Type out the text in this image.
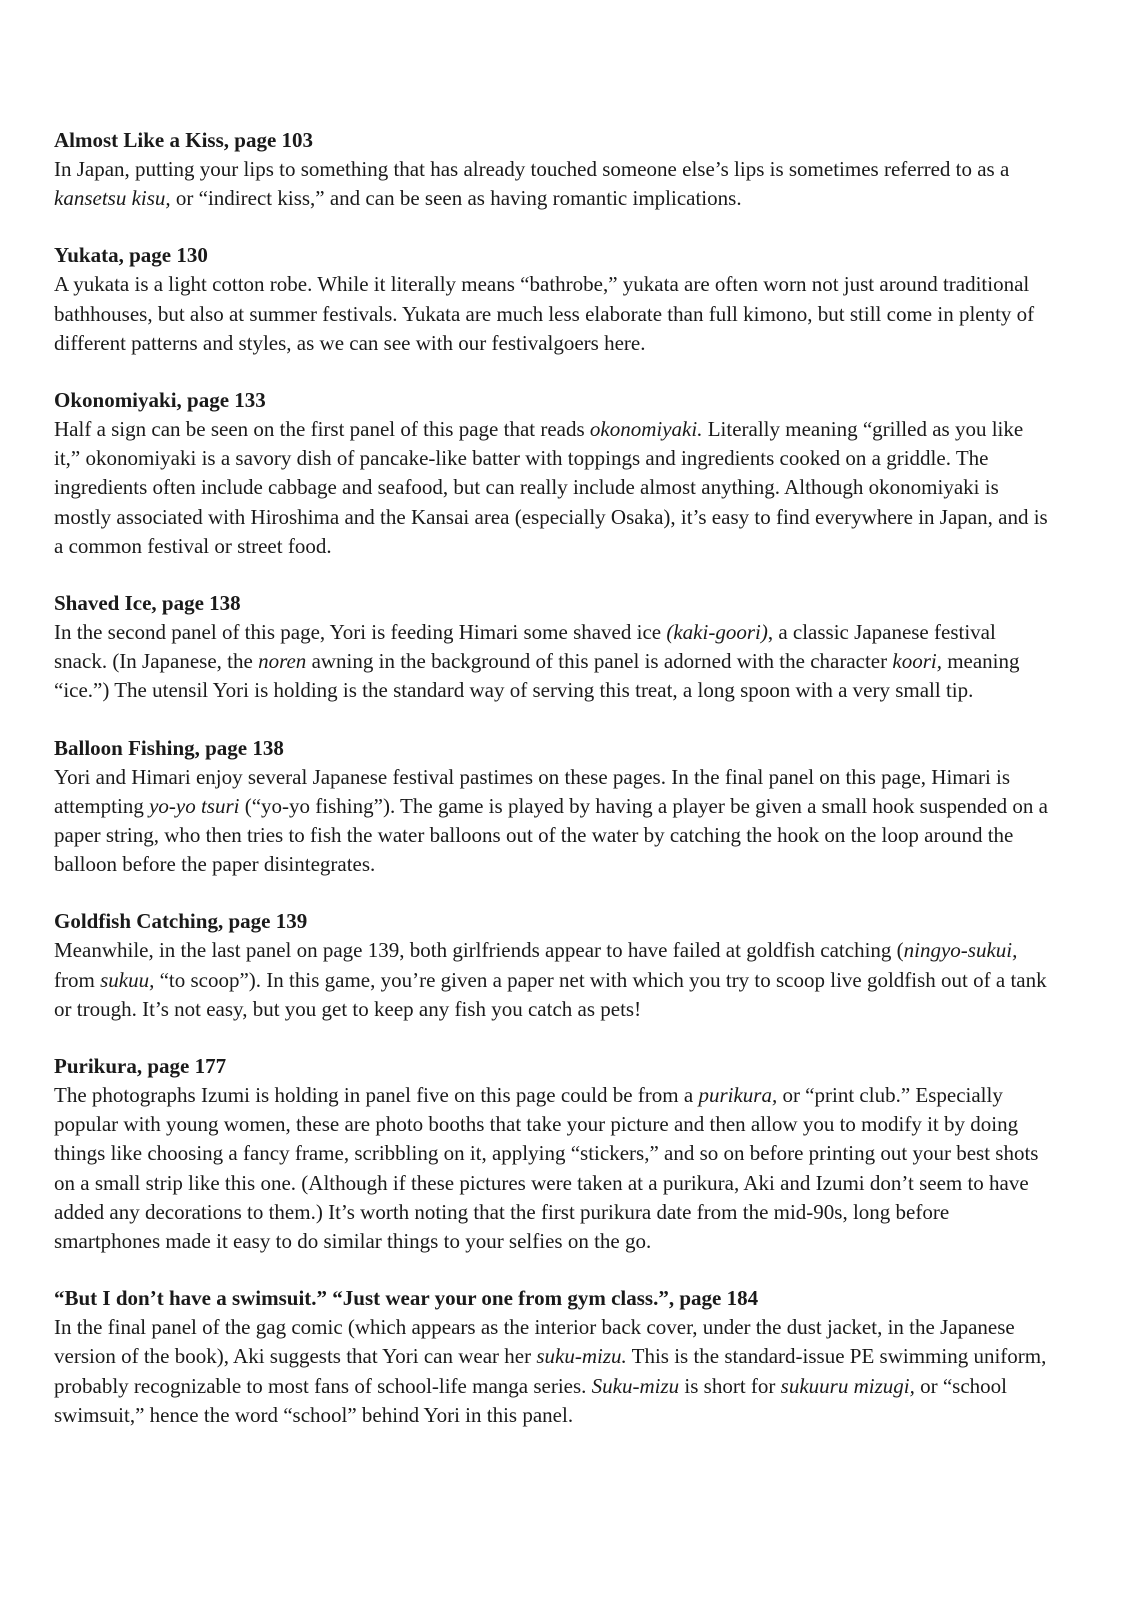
Almost Like a Kiss, page 103

In Japan, putting your lips to something that has already touched someone else’s lips is sometimes referred to as a kansetsu kisu, or “indirect kiss,” and can be seen as having romantic implications.

Yukata, page 130

A yukata is a light cotton robe. While it literally means “bathrobe,” yukata are often worn not just around traditional bathhouses, but also at summer festivals. Yukata are much less elaborate than full kimono, but still come in plenty of different patterns and styles, as we can see with our festivalgoers here.

Okonomiyaki, page 133

Half a sign can be seen on the first panel of this page that reads okonomiyaki. Literally meaning “grilled as you like it,” okonomiyaki is a savory dish of pancake-like batter with toppings and ingredients cooked on a griddle. The ingredients often include cabbage and seafood, but can really include almost anything. Although okonomiyaki is mostly associated with Hiroshima and the Kansai area (especially Osaka), it’s easy to find everywhere in Japan, and is a common festival or street food.

Shaved Ice, page 138

In the second panel of this page, Yori is feeding Himari some shaved ice (kaki-goori), a classic Japanese festival snack. (In Japanese, the noren awning in the background of this panel is adorned with the character koori, meaning “ice.”) The utensil Yori is holding is the standard way of serving this treat, a long spoon with a very small tip.

Balloon Fishing, page 138

Yori and Himari enjoy several Japanese festival pastimes on these pages. In the final panel on this page, Himari is attempting yo-yo tsuri (“yo-yo fishing”). The game is played by having a player be given a small hook suspended on a paper string, who then tries to fish the water balloons out of the water by catching the hook on the loop around the balloon before the paper disintegrates.

Goldfish Catching, page 139

Meanwhile, in the last panel on page 139, both girlfriends appear to have failed at goldfish catching (ningyo-sukui, from sukuu, “to scoop”). In this game, you’re given a paper net with which you try to scoop live goldfish out of a tank or trough. It’s not easy, but you get to keep any fish you catch as pets!

Purikura, page 177

The photographs Izumi is holding in panel five on this page could be from a purikura, or “print club.” Especially popular with young women, these are photo booths that take your picture and then allow you to modify it by doing things like choosing a fancy frame, scribbling on it, applying “stickers,” and so on before printing out your best shots on a small strip like this one. (Although if these pictures were taken at a purikura, Aki and Izumi don’t seem to have added any decorations to them.) It’s worth noting that the first purikura date from the mid-90s, long before smartphones made it easy to do similar things to your selfies on the go.

“But I don’t have a swimsuit.” “Just wear your one from gym class.”, page 184

In the final panel of the gag comic (which appears as the interior back cover, under the dust jacket, in the Japanese version of the book), Aki suggests that Yori can wear her suku-mizu. This is the standard-issue PE swimming uniform, probably recognizable to most fans of school-life manga series. Suku-mizu is short for sukuuru mizugi, or “school swimsuit,” hence the word “school” behind Yori in this panel.
